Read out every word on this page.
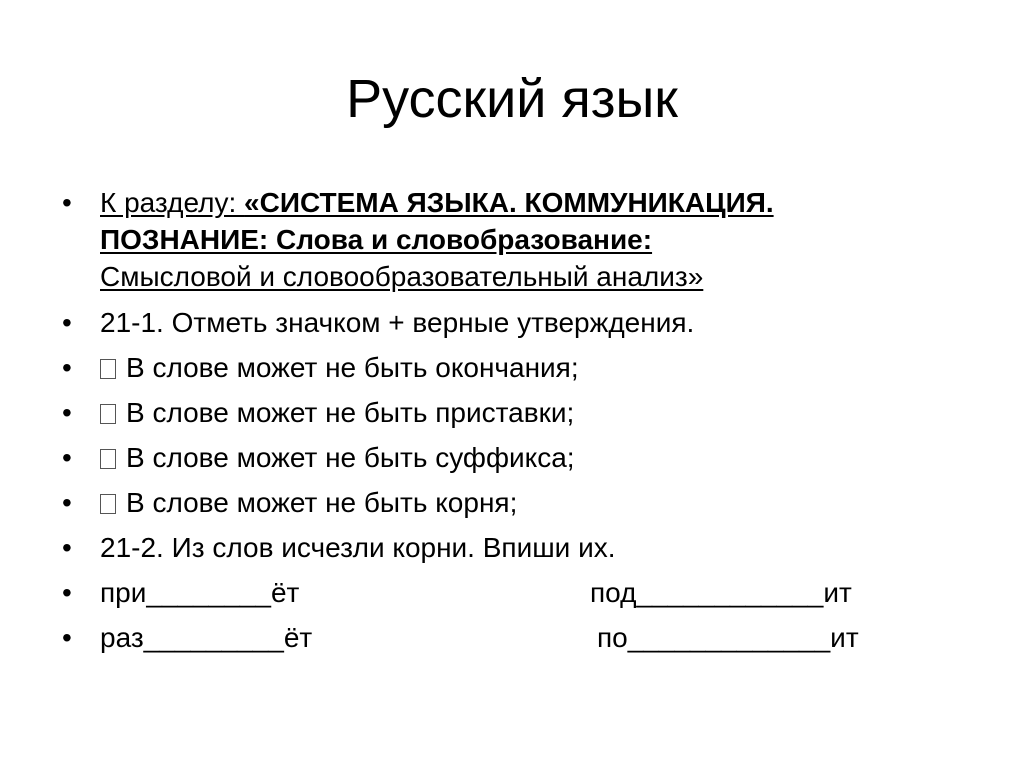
Русский язык
• К разделу: «СИСТЕМА ЯЗЫКА. КОММУНИКАЦИЯ.
ПОЗНАНИЕ: Слова и словобразование:
Смысловой и словообразовательный анализ»
• 21-1. Отметь значком + верные утверждения.
• В слове может не быть окончания;
• В слове может не быть приставки;
• В слове может не быть суффикса;
• В слове может не быть корня;
• 21-2. Из слов исчезли корни. Впиши их.
• при________ёт	под____________ит
• раз_________ёт	по_____________ит
